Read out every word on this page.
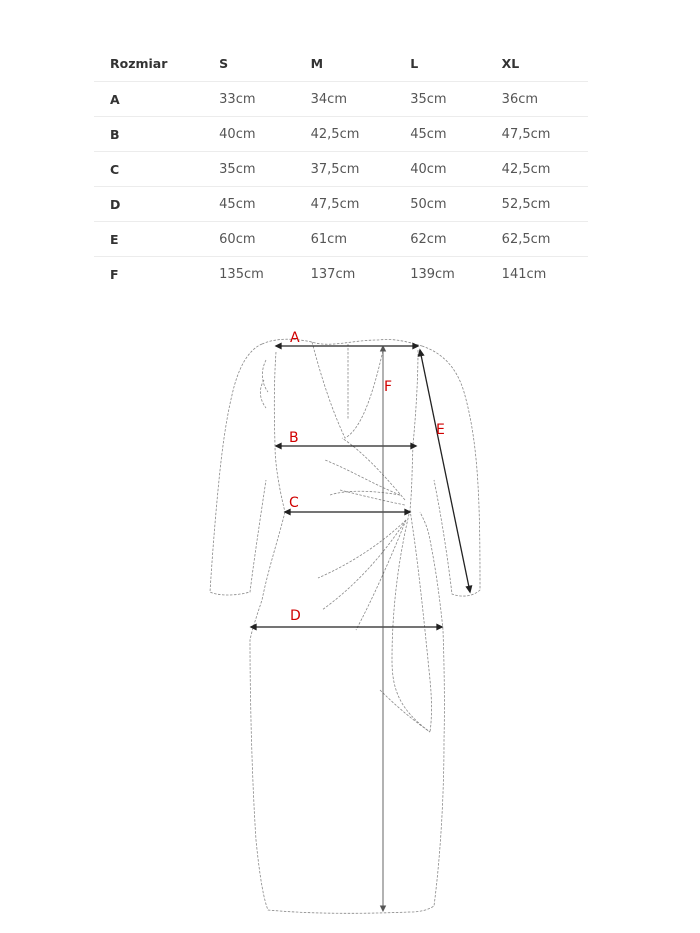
Rozmiar	S	M	L	XL
A	33cm	34cm	35cm	36cm
B	40cm	42,5cm	45cm	47,5cm
C	35cm	37,5cm	40cm	42,5cm
D	45cm	47,5cm	50cm	52,5cm
E	60cm	61cm	62cm	62,5cm
F	135cm	137cm	139cm	141cm
A
B
C
D
E
F
